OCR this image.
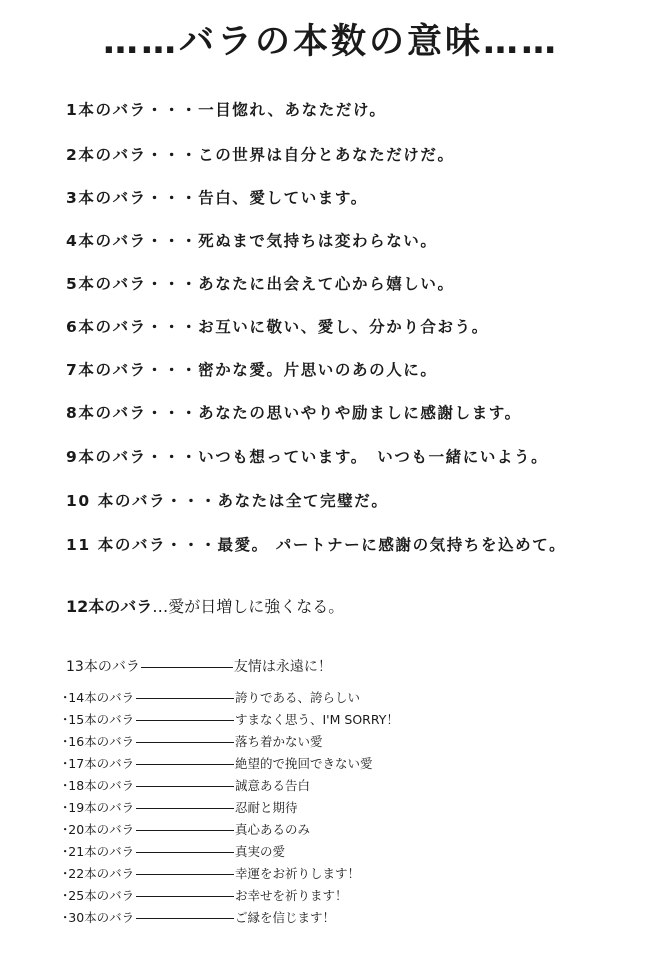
……バラの本数の意味……
1本のバラ・・・一目惚れ、あなただけ。
2本のバラ・・・この世界は自分とあなただけだ。
3本のバラ・・・告白、愛しています。
4本のバラ・・・死ぬまで気持ちは変わらない。
5本のバラ・・・あなたに出会えて心から嬉しい。
6本のバラ・・・お互いに敬い、愛し、分かり合おう。
7本のバラ・・・密かな愛。片思いのあの人に。
8本のバラ・・・あなたの思いやりや励ましに感謝します。
9本のバラ・・・いつも想っています。　いつも一緒にいよう。
10 本のバラ・・・あなたは全て完璧だ。
11 本のバラ・・・最愛。 パートナーに感謝の気持ちを込めて。
12本のバラ…愛が日増しに強くなる。
13本のバラ	友情は永遠に！
･14本のバラ	誇りである、誇らしい
･15本のバラ	すまなく思う、I'M SORRY！
･16本のバラ	落ち着かない愛
･17本のバラ	絶望的で挽回できない愛
･18本のバラ	誠意ある告白
･19本のバラ	忍耐と期待
･20本のバラ	真心あるのみ
･21本のバラ	真実の愛
･22本のバラ	幸運をお祈りします！
･25本のバラ	お幸せを祈ります！
･30本のバラ	ご縁を信じます！
